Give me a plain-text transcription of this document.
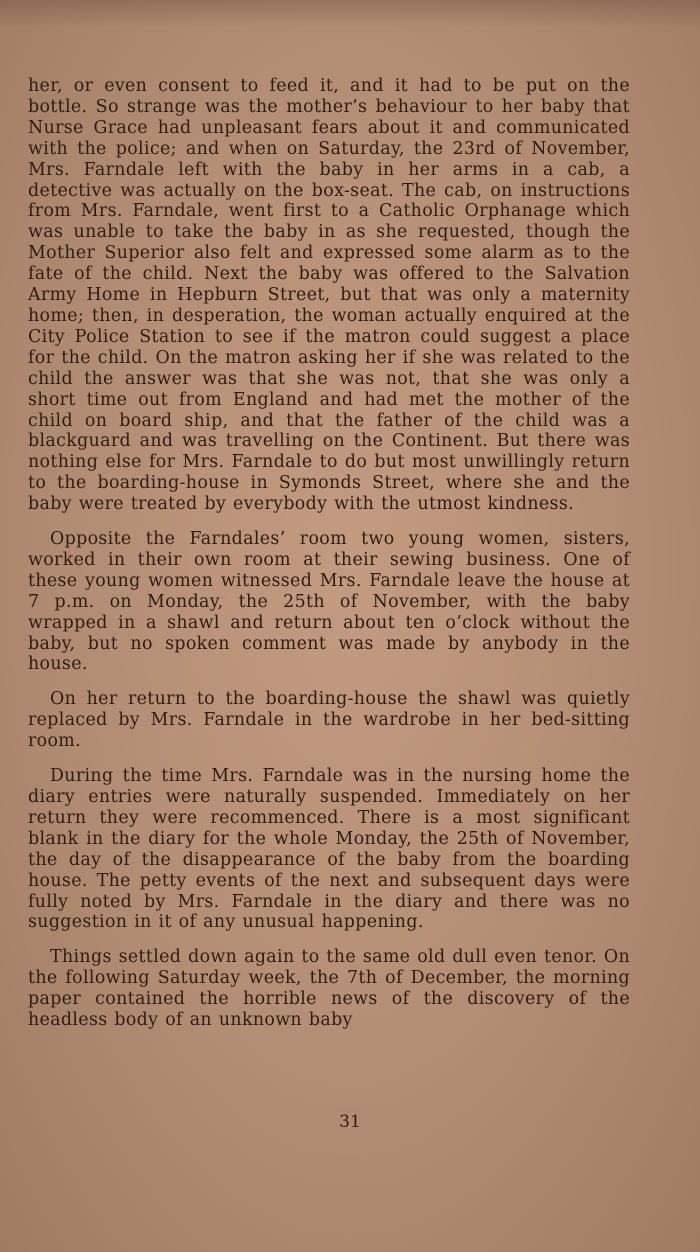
her, or even consent to feed it, and it had to be put on the bottle. So strange was the mother’s behaviour to her baby that Nurse Grace had unpleasant fears about it and communicated with the police; and when on Saturday, the 23rd of November, Mrs. Farndale left with the baby in her arms in a cab, a detective was actually on the box-seat. The cab, on instructions from Mrs. Farndale, went first to a Catholic Orphanage which was unable to take the baby in as she requested, though the Mother Superior also felt and expressed some alarm as to the fate of the child. Next the baby was offered to the Salvation Army Home in Hepburn Street, but that was only a maternity home; then, in desperation, the woman actually enquired at the City Police Station to see if the matron could suggest a place for the child. On the matron asking her if she was related to the child the answer was that she was not, that she was only a short time out from England and had met the mother of the child on board ship, and that the father of the child was a blackguard and was travelling on the Continent. But there was nothing else for Mrs. Farndale to do but most unwillingly return to the boarding-house in Symonds Street, where she and the baby were treated by everybody with the utmost kindness.

Opposite the Farndales’ room two young women, sisters, worked in their own room at their sewing business. One of these young women witnessed Mrs. Farndale leave the house at 7 p.m. on Monday, the 25th of November, with the baby wrapped in a shawl and return about ten o’clock without the baby, but no spoken comment was made by anybody in the house.

On her return to the boarding-house the shawl was quietly replaced by Mrs. Farndale in the wardrobe in her bed-sitting room.

During the time Mrs. Farndale was in the nursing home the diary entries were naturally suspended. Immediately on her return they were recommenced. There is a most significant blank in the diary for the whole Monday, the 25th of November, the day of the disappearance of the baby from the boarding house. The petty events of the next and subsequent days were fully noted by Mrs. Farndale in the diary and there was no suggestion in it of any unusual happening.

Things settled down again to the same old dull even tenor. On the following Saturday week, the 7th of December, the morning paper contained the horrible news of the discovery of the headless body of an unknown baby

31
